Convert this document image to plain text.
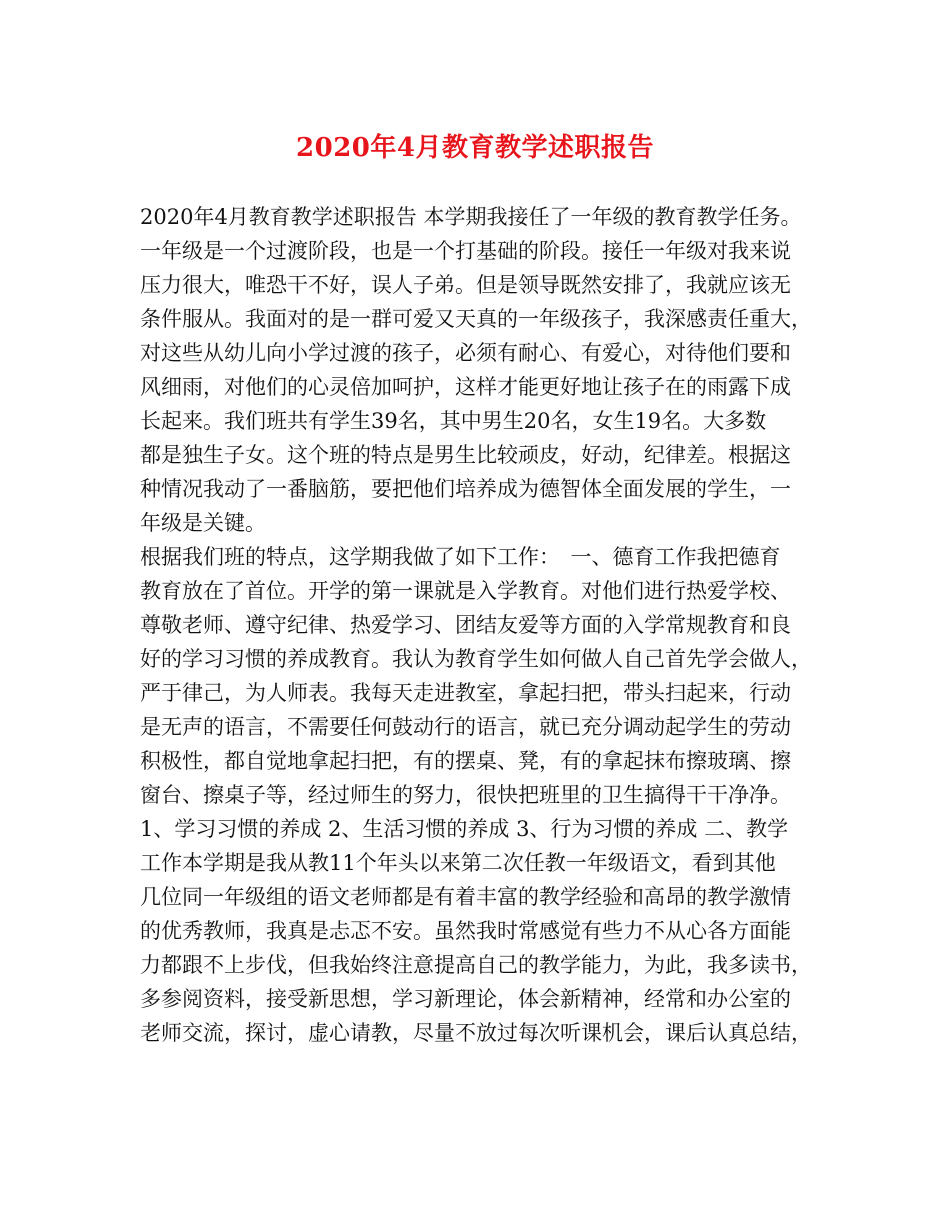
2020年4月教育教学述职报告
2020年4月教育教学述职报告 本学期我接任了一年级的教育教学任务。
一年级是一个过渡阶段，也是一个打基础的阶段。接任一年级对我来说
压力很大，唯恐干不好，误人子弟。但是领导既然安排了，我就应该无
条件服从。我面对的是一群可爱又天真的一年级孩子，我深感责任重大，
对这些从幼儿向小学过渡的孩子，必须有耐心、有爱心，对待他们要和
风细雨，对他们的心灵倍加呵护，这样才能更好地让孩子在的雨露下成
长起来。我们班共有学生39名，其中男生20名，女生19名。大多数
都是独生子女。这个班的特点是男生比较顽皮，好动，纪律差。根据这
种情况我动了一番脑筋，要把他们培养成为德智体全面发展的学生，一
年级是关键。
根据我们班的特点，这学期我做了如下工作：　一、德育工作我把德育
教育放在了首位。开学的第一课就是入学教育。对他们进行热爱学校、
尊敬老师、遵守纪律、热爱学习、团结友爱等方面的入学常规教育和良
好的学习习惯的养成教育。我认为教育学生如何做人自己首先学会做人，
严于律己，为人师表。我每天走进教室，拿起扫把，带头扫起来，行动
是无声的语言，不需要任何鼓动行的语言，就已充分调动起学生的劳动
积极性，都自觉地拿起扫把，有的摆桌、凳，有的拿起抹布擦玻璃、擦
窗台、擦桌子等，经过师生的努力，很快把班里的卫生搞得干干净净。
1、学习习惯的养成 2、生活习惯的养成 3、行为习惯的养成 二、教学
工作本学期是我从教11个年头以来第二次任教一年级语文，看到其他
几位同一年级组的语文老师都是有着丰富的教学经验和高昂的教学激情
的优秀教师，我真是忐忑不安。虽然我时常感觉有些力不从心各方面能
力都跟不上步伐，但我始终注意提高自己的教学能力，为此，我多读书，
多参阅资料，接受新思想，学习新理论，体会新精神，经常和办公室的
老师交流，探讨，虚心请教，尽量不放过每次听课机会，课后认真总结，
